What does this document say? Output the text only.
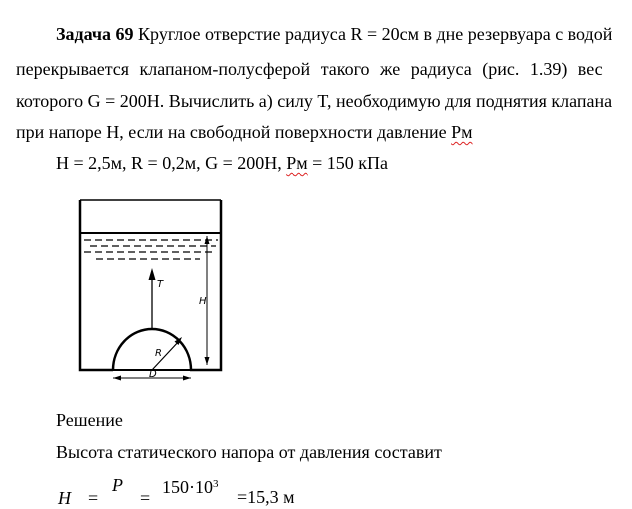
Задача 69 Круглое отверстие радиуса R = 20см в дне резервуара с водой
перекрывается клапаном-полусферой такого же радиуса (рис. 1.39) вес
которого G = 200Н. Вычислить а) силу T, необходимую для поднятия клапана
при напоре H, если на свободной поверхности давление Рм
H = 2,5м, R = 0,2м, G = 200Н, Рм = 150 кПа
T
H
R
D
Решение
Высота статического напора от давления составит
H =
P
=
$150\cdot 10^3$
=15,3 м
